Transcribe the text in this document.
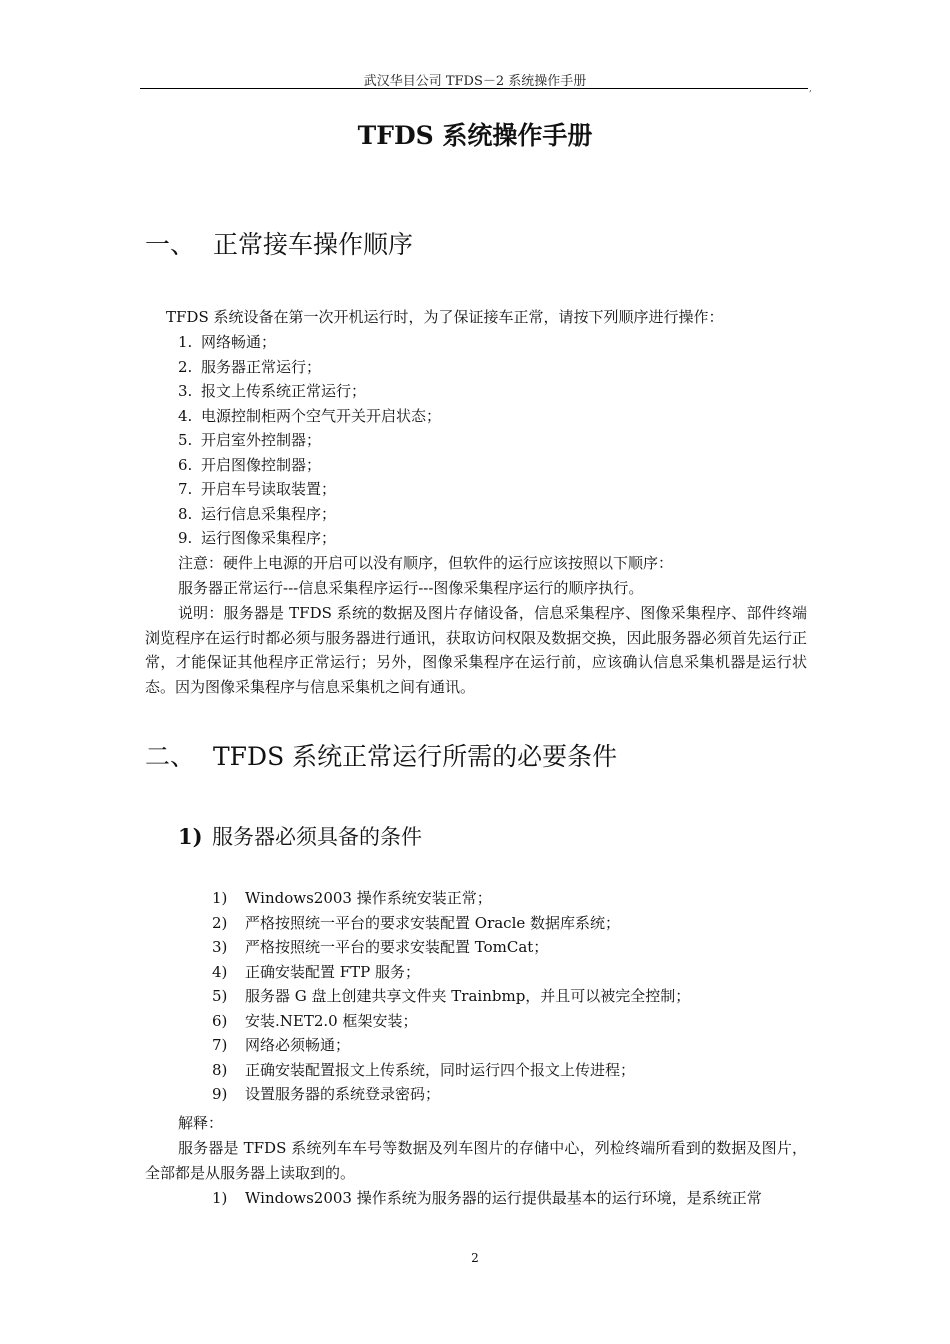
武汉华目公司 TFDS－2 系统操作手册	,
TFDS 系统操作手册
一、 正常接车操作顺序
TFDS 系统设备在第一次开机运行时，为了保证接车正常，请按下列顺序进行操作：
1. 网络畅通；
2. 服务器正常运行；
3. 报文上传系统正常运行；
4. 电源控制柜两个空气开关开启状态；
5. 开启室外控制器；
6. 开启图像控制器；
7. 开启车号读取装置；
8. 运行信息采集程序；
9. 运行图像采集程序；
注意：硬件上电源的开启可以没有顺序，但软件的运行应该按照以下顺序：
服务器正常运行---信息采集程序运行---图像采集程序运行的顺序执行。

说明：服务器是 TFDS 系统的数据及图片存储设备，信息采集程序、图像采集程序、部件终端浏览程序在运行时都必须与服务器进行通讯，获取访问权限及数据交换，因此服务器必须首先运行正常，才能保证其他程序正常运行；另外，图像采集程序在运行前，应该确认信息采集机器是运行状态。因为图像采集程序与信息采集机之间有通讯。

二、 TFDS 系统正常运行所需的必要条件
1) 服务器必须具备的条件
1) Windows2003 操作系统安装正常；
2) 严格按照统一平台的要求安装配置 Oracle 数据库系统；
3) 严格按照统一平台的要求安装配置 TomCat；
4) 正确安装配置 FTP 服务；
5) 服务器 G 盘上创建共享文件夹 Trainbmp，并且可以被完全控制；
6) 安装.NET2.0 框架安装；
7) 网络必须畅通；
8) 正确安装配置报文上传系统，同时运行四个报文上传进程；
9) 设置服务器的系统登录密码；
解释：

服务器是 TFDS 系统列车车号等数据及列车图片的存储中心，列检终端所看到的数据及图片，全部都是从服务器上读取到的。

1) Windows2003 操作系统为服务器的运行提供最基本的运行环境，是系统正常
2
